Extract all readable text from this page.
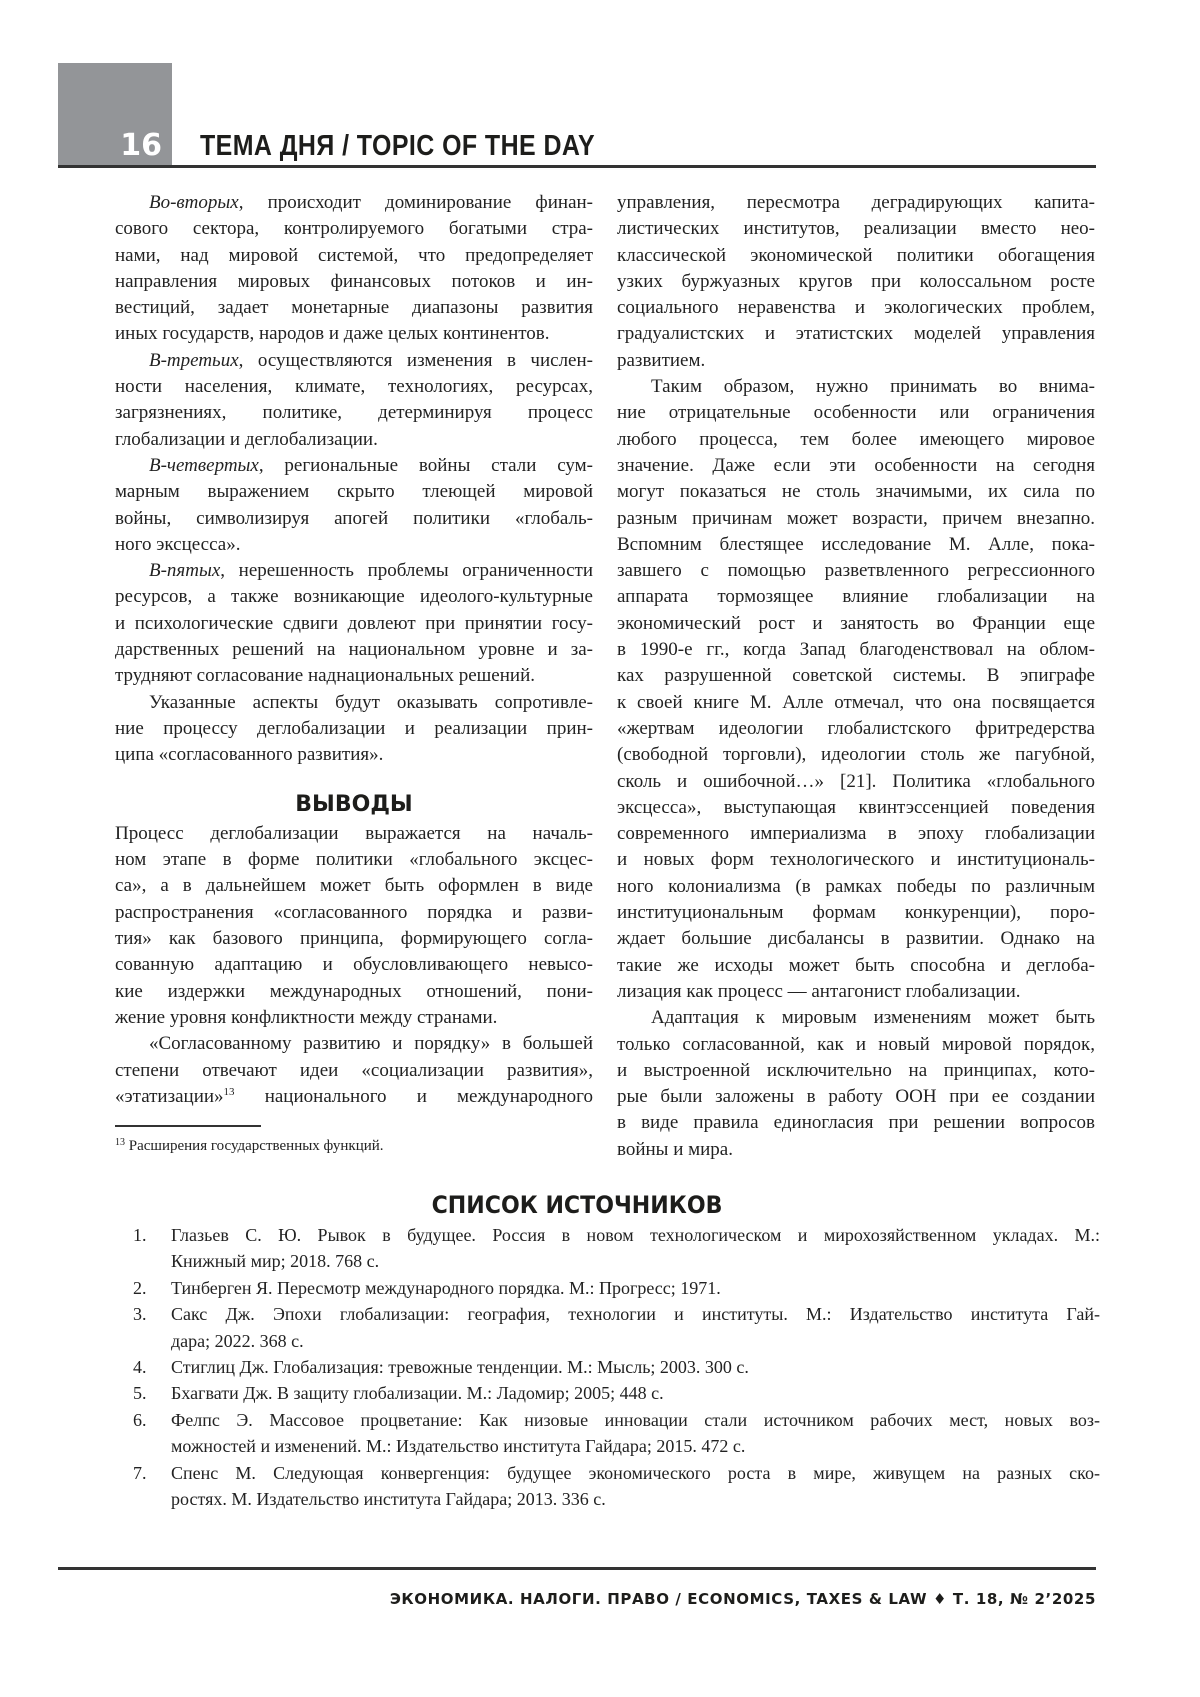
16 ТЕМА ДНЯ / TOPIC OF THE DAY
Во-вторых, происходит доминирование финан-
сового сектора, контролируемого богатыми стра-
нами, над мировой системой, что предопределяет
направления мировых финансовых потоков и ин-
вестиций, задает монетарные диапазоны развития
иных государств, народов и даже целых континентов.
В-третьих, осуществляются изменения в числен-
ности населения, климате, технологиях, ресурсах,
загрязнениях, политике, детерминируя процесс
глобализации и деглобализации.
В-четвертых, региональные войны стали сум-
марным выражением скрыто тлеющей мировой
войны, символизируя апогей политики «глобаль-
ного эксцесса».
В-пятых, нерешенность проблемы ограниченности
ресурсов, а также возникающие идеолого-культурные
и психологические сдвиги довлеют при принятии госу-
дарственных решений на национальном уровне и за-
трудняют согласование наднациональных решений.
Указанные аспекты будут оказывать сопротивле-
ние процессу деглобализации и реализации прин-
ципа «согласованного развития».
ВЫВОДЫ
Процесс деглобализации выражается на началь-
ном этапе в форме политики «глобального эксцес-
са», а в дальнейшем может быть оформлен в виде
распространения «согласованного порядка и разви-
тия» как базового принципа, формирующего согла-
сованную адаптацию и обусловливающего невысо-
кие издержки международных отношений, пони-
жение уровня конфликтности между странами.
«Согласованному развитию и порядку» в большей
степени отвечают идеи «социализации развития»,
«этатизации»$^{13}$ национального и международного
управления, пересмотра деградирующих капита-
листических институтов, реализации вместо нео-
классической экономической политики обогащения
узких буржуазных кругов при колоссальном росте
социального неравенства и экологических проблем,
градуалистских и этатистских моделей управления
развитием.
Таким образом, нужно принимать во внима-
ние отрицательные особенности или ограничения
любого процесса, тем более имеющего мировое
значение. Даже если эти особенности на сегодня
могут показаться не столь значимыми, их сила по
разным причинам может возрасти, причем внезапно.
Вспомним блестящее исследование М. Алле, пока-
завшего с помощью разветвленного регрессионного
аппарата тормозящее влияние глобализации на
экономический рост и занятость во Франции еще
в 1990-е гг., когда Запад благоденствовал на облом-
ках разрушенной советской системы. В эпиграфе
к своей книге М. Алле отмечал, что она посвящается
«жертвам идеологии глобалистского фритредерства
(свободной торговли), идеологии столь же пагубной,
сколь и ошибочной…» [21]. Политика «глобального
эксцесса», выступающая квинтэссенцией поведения
современного империализма в эпоху глобализации
и новых форм технологического и институциональ-
ного колониализма (в рамках победы по различным
институциональным формам конкуренции), поро-
ждает большие дисбалансы в развитии. Однако на
такие же исходы может быть способна и деглоба-
лизация как процесс — антагонист глобализации.
Адаптация к мировым изменениям может быть
только согласованной, как и новый мировой порядок,
и выстроенной исключительно на принципах, кото-
рые были заложены в работу ООН при ее создании
в виде правила единогласия при решении вопросов
войны и мира.
$^{13}$ Расширения государственных функций.
СПИСОК ИСТОЧНИКОВ
1. Глазьев С. Ю. Рывок в будущее. Россия в новом технологическом и мирохозяйственном укладах. М.:
Книжный мир; 2018. 768 с.
2. Тинберген Я. Пересмотр международного порядка. М.: Прогресс; 1971.
3. Сакс Дж. Эпохи глобализации: география, технологии и институты. М.: Издательство института Гай-
дара; 2022. 368 с.
4. Стиглиц Дж. Глобализация: тревожные тенденции. М.: Мысль; 2003. 300 с.
5. Бхагвати Дж. В защиту глобализации. М.: Ладомир; 2005; 448 с.
6. Фелпс Э. Массовое процветание: Как низовые инновации стали источником рабочих мест, новых воз-
можностей и изменений. М.: Издательство института Гайдара; 2015. 472 с.
7. Спенс М. Следующая конвергенция: будущее экономического роста в мире, живущем на разных ско-
ростях. М. Издательство института Гайдара; 2013. 336 с.
ЭКОНОМИКА. НАЛОГИ. ПРАВО / ECONOMICS, TAXES & LAW ♦ Т. 18, № 2’2025
